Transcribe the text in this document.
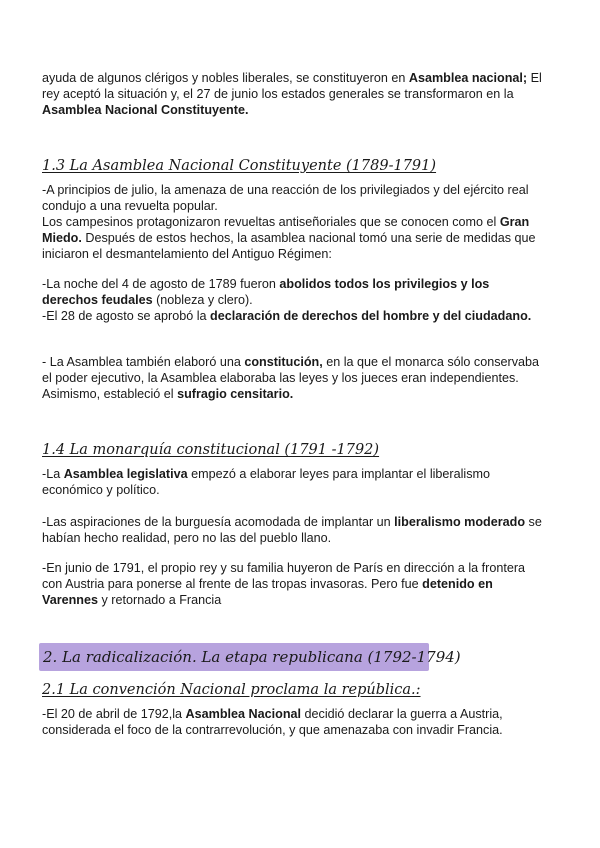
ayuda de algunos clérigos y nobles liberales, se constituyeron en Asamblea nacional; El rey aceptó la situación y, el 27 de junio los estados generales se transformaron en la Asamblea Nacional Constituyente.

1.3 La Asamblea Nacional Constituyente (1789-1791)

-A principios de julio, la amenaza de una reacción de los privilegiados y del ejército real condujo a una revuelta popular.

Los campesinos protagonizaron revueltas antiseñoriales que se conocen como el Gran Miedo. Después de estos hechos, la asamblea nacional tomó una serie de medidas que iniciaron el desmantelamiento del Antiguo Régimen:

-La noche del 4 de agosto de 1789 fueron abolidos todos los privilegios y los derechos feudales (nobleza y clero).

-El 28 de agosto se aprobó la declaración de derechos del hombre y del ciudadano.

- La Asamblea también elaboró una constitución, en la que el monarca sólo conservaba el poder ejecutivo, la Asamblea elaboraba las leyes y los jueces eran independientes. Asimismo, estableció el sufragio censitario.

1.4 La monarquía constitucional (1791 -1792)

-La Asamblea legislativa empezó a elaborar leyes para implantar el liberalismo económico y político.

-Las aspiraciones de la burguesía acomodada de implantar un liberalismo moderado se habían hecho realidad, pero no las del pueblo llano.

-En junio de 1791, el propio rey y su familia huyeron de París en dirección a la frontera con Austria para ponerse al frente de las tropas invasoras. Pero fue detenido en Varennes y retornado a Francia

2. La radicalización. La etapa republicana (1792-1794)
2.1 La convención Nacional proclama la república.:

-El 20 de abril de 1792,la Asamblea Nacional decidió declarar la guerra a Austria, considerada el foco de la contrarrevolución, y que amenazaba con invadir Francia.
